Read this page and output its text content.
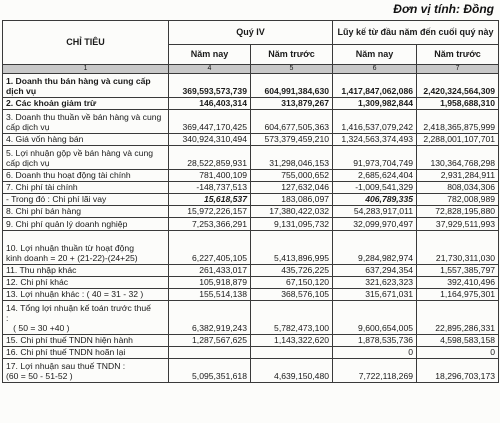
Đơn vị tính: Đồng
CHỈ TIÊU	Quý IV		Lũy kế từ đầu năm đến cuối quý này	
	Năm nay	Năm trước	Năm nay	Năm trước
1	4	5	6	7
1. Doanh thu bán hàng và cung cấp dịch vụ	369,593,573,739	604,991,384,630	1,417,847,062,086	2,420,324,564,309
2. Các khoản giảm trừ	146,403,314	313,879,267	1,309,982,844	1,958,688,310
3. Doanh thu thuần về bán hàng và cung cấp dịch vụ	369,447,170,425	604,677,505,363	1,416,537,079,242	2,418,365,875,999
4. Giá vốn hàng bán	340,924,310,494	573,379,459,210	1,324,563,374,493	2,288,001,107,701
5. Lợi nhuận gộp về bán hàng và cung cấp dịch vụ	28,522,859,931	31,298,046,153	91,973,704,749	130,364,768,298
6. Doanh thu hoạt động tài chính	781,400,109	755,000,652	2,685,624,404	2,931,284,911
7. Chi phí tài chính	-148,737,513	127,632,046	-1,009,541,329	808,034,306
- Trong đó : Chi phí lãi vay	15,618,537	183,086,097	406,789,335	782,008,989
8. Chi phí bán hàng	15,972,226,157	17,380,422,032	54,283,917,011	72,828,195,880
9. Chi phí quản lý doanh nghiệp	7,253,366,291	9,131,095,732	32,099,970,497	37,929,511,993
10. Lợi nhuận thuần từ hoạt động
kinh doanh = 20 + (21-22)-(24+25)	6,227,405,105	5,413,896,995	9,284,982,974	21,730,311,030
11. Thu nhập khác	261,433,017	435,726,225	637,294,354	1,557,385,797
12. Chi phí khác	105,918,879	67,150,120	321,623,323	392,410,496
13. Lợi nhuận khác : ( 40 = 31 - 32 )	155,514,138	368,576,105	315,671,031	1,164,975,301
14. Tổng lợi nhuận kế toán trước thuế
:
( 50 = 30 +40 )	6,382,919,243	5,782,473,100	9,600,654,005	22,895,286,331
15. Chi phí thuế TNDN hiện hành	1,287,567,625	1,143,322,620	1,878,535,736	4,598,583,158
16. Chi phí thuế TNDN hoãn lại			0	0
17. Lợi nhuận sau thuế TNDN :
(60 = 50 - 51-52 )	5,095,351,618	4,639,150,480	7,722,118,269	18,296,703,173
